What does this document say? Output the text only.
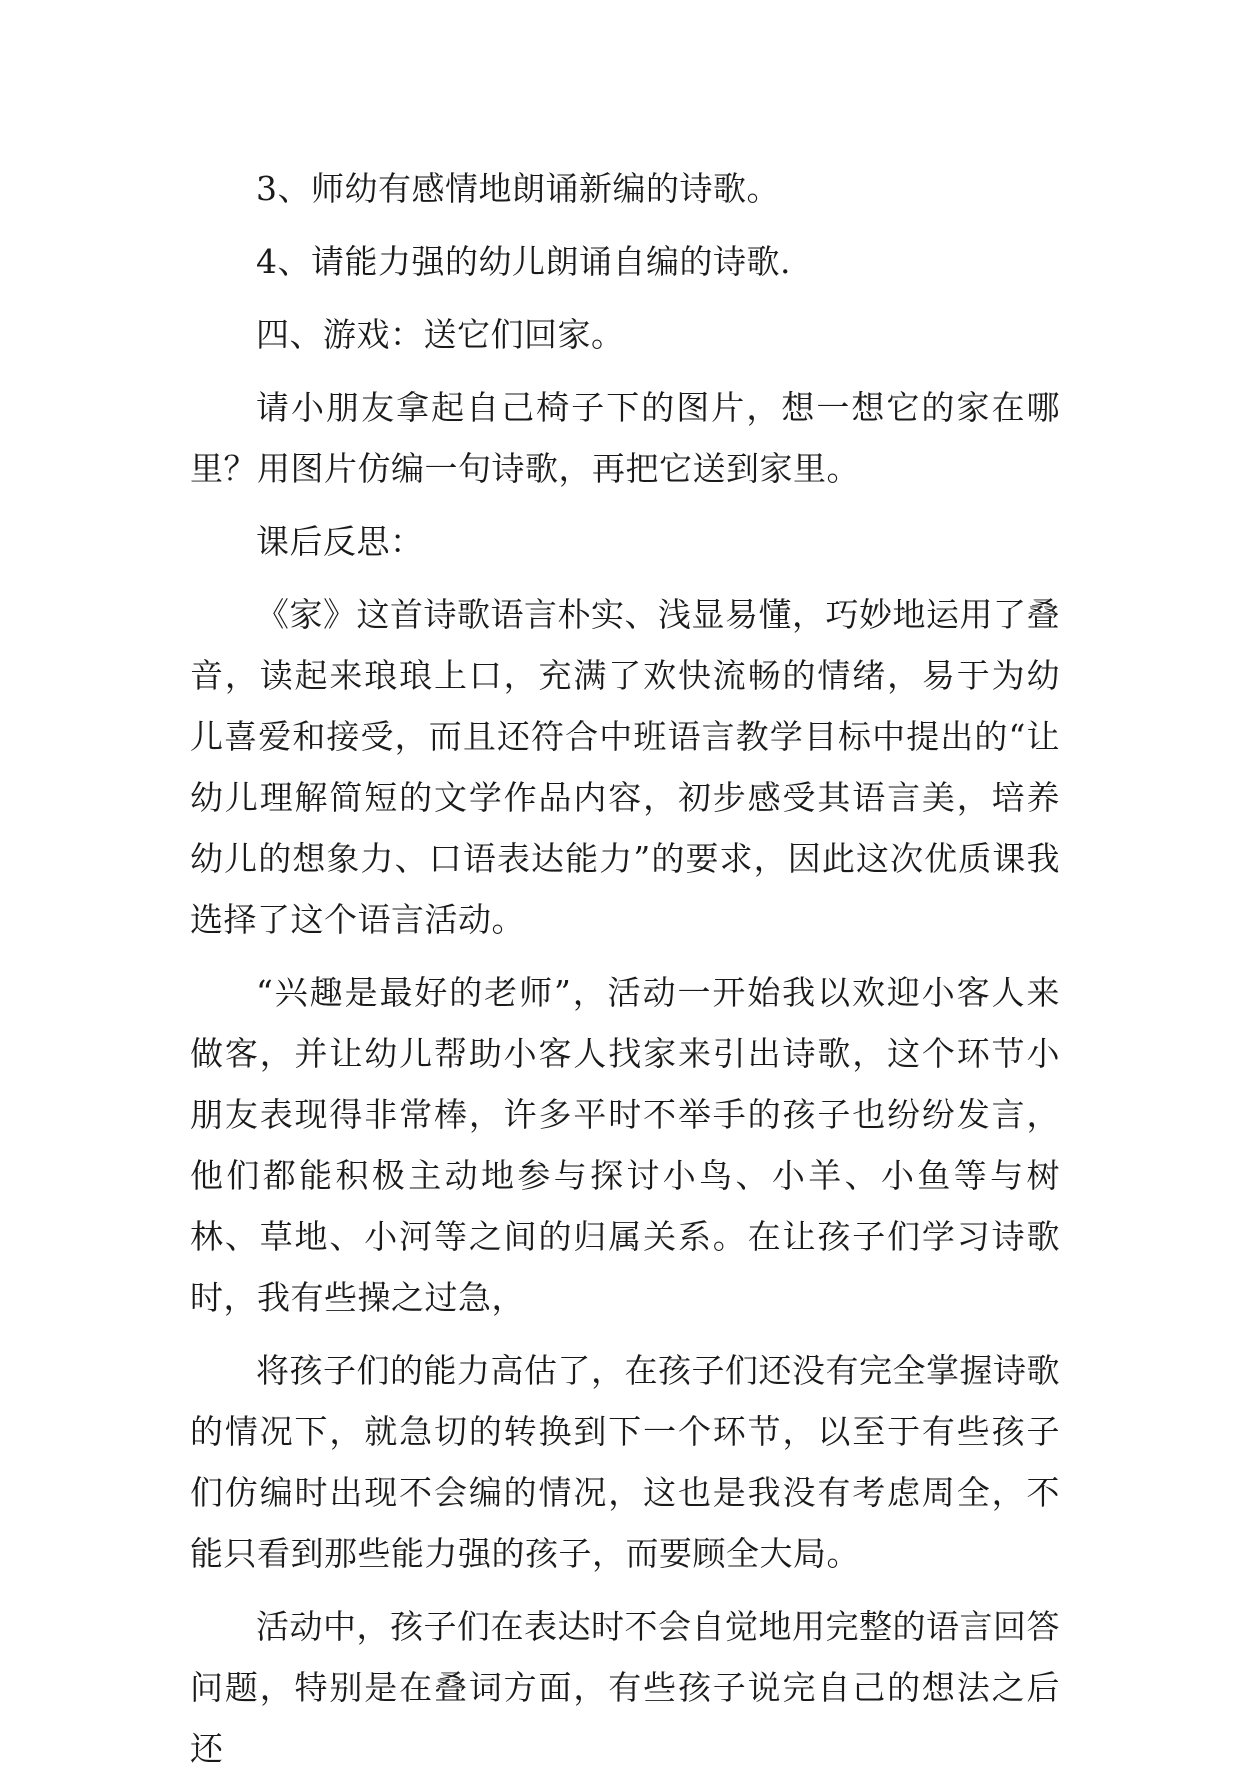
3、师幼有感情地朗诵新编的诗歌。

4、请能力强的幼儿朗诵自编的诗歌.

四、游戏：送它们回家。

请小朋友拿起自己椅子下的图片，想一想它的家在哪里？用图片仿编一句诗歌，再把它送到家里。

课后反思：

《家》这首诗歌语言朴实、浅显易懂，巧妙地运用了叠音，读起来琅琅上口，充满了欢快流畅的情绪，易于为幼儿喜爱和接受，而且还符合中班语言教学目标中提出的“让幼儿理解简短的文学作品内容，初步感受其语言美，培养幼儿的想象力、口语表达能力”的要求，因此这次优质课我选择了这个语言活动。

“兴趣是最好的老师”，活动一开始我以欢迎小客人来做客，并让幼儿帮助小客人找家来引出诗歌，这个环节小朋友表现得非常棒，许多平时不举手的孩子也纷纷发言，他们都能积极主动地参与探讨小鸟、小羊、小鱼等与树林、草地、小河等之间的归属关系。在让孩子们学习诗歌时，我有些操之过急，

将孩子们的能力高估了，在孩子们还没有完全掌握诗歌的情况下，就急切的转换到下一个环节，以至于有些孩子们仿编时出现不会编的情况，这也是我没有考虑周全，不能只看到那些能力强的孩子，而要顾全大局。

活动中，孩子们在表达时不会自觉地用完整的语言回答问题，特别是在叠词方面，有些孩子说完自己的想法之后还
